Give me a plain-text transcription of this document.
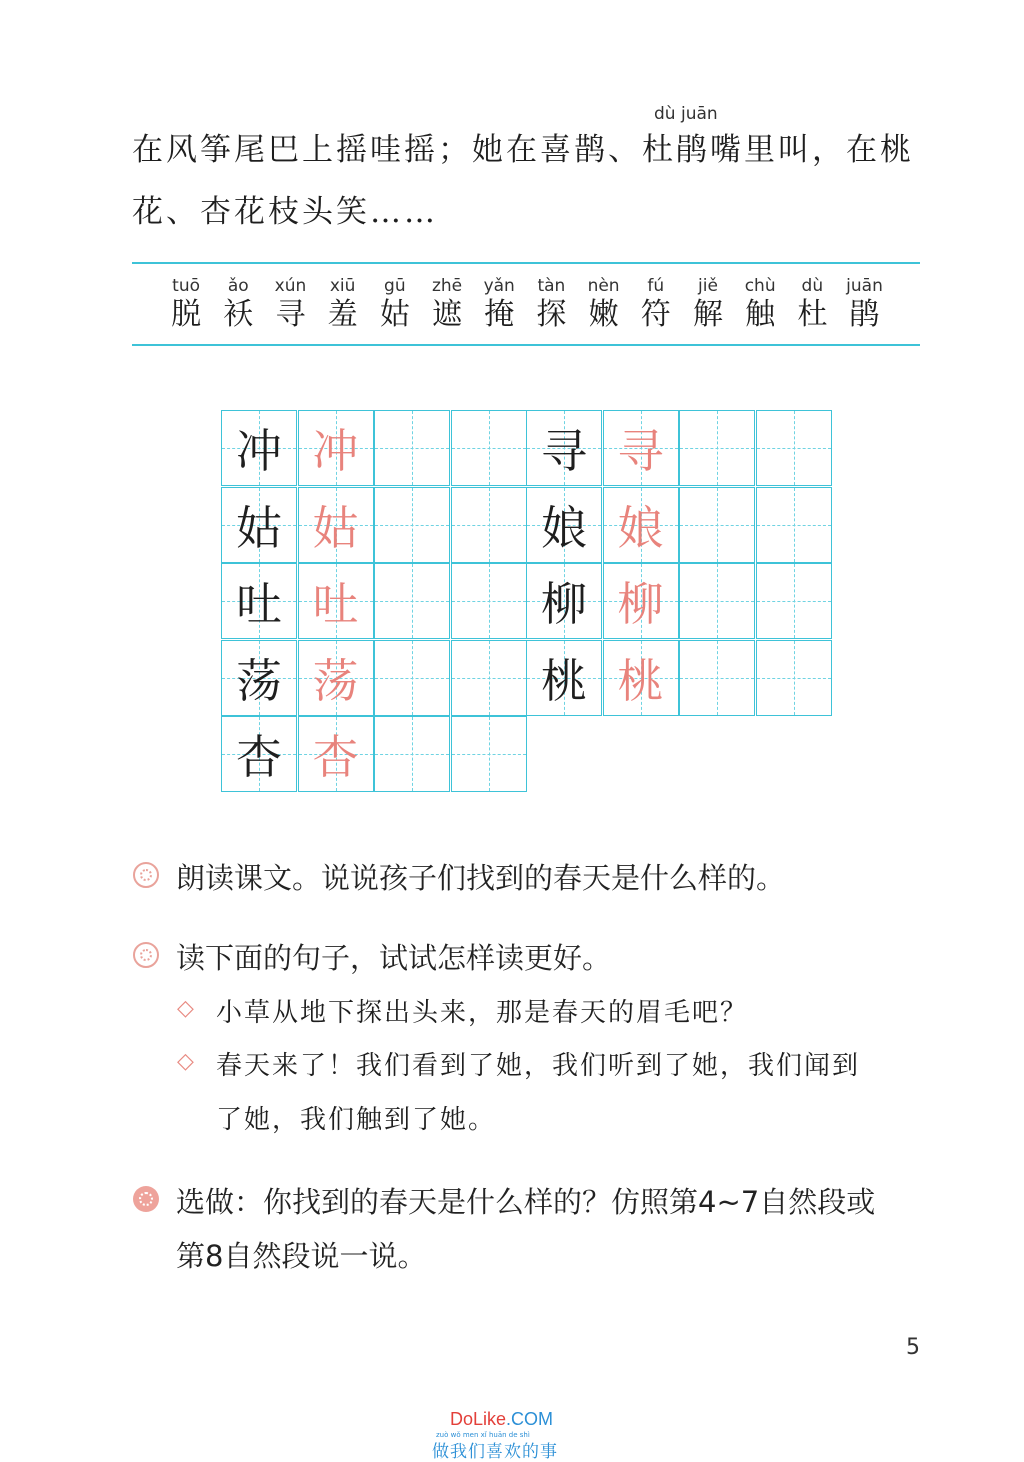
dù juān
在风筝尾巴上摇哇摇；她在喜鹊、杜鹃嘴里叫，在桃
花、杏花枝头笑……
tuō
脱
ǎo
袄
xún
寻
xiū
羞
gū
姑
zhē
遮
yǎn
掩
tàn
探
nèn
嫩
fú
符
jiě
解
chù
触
dù
杜
juān
鹃
冲 冲
姑 姑
吐 吐
荡 荡
杏 杏
寻 寻
娘 娘
柳 柳
桃 桃
朗读课文。说说孩子们找到的春天是什么样的。
读下面的句子，试试怎样读更好。
◇ 小草从地下探出头来，那是春天的眉毛吧？
◇ 春天来了！我们看到了她，我们听到了她，我们闻到
了她，我们触到了她。
选做：你找到的春天是什么样的？仿照第4~7自然段或
第8自然段说一说。
5
DoLike.COM
zuò wǒ men xǐ huān de shì
做我们喜欢的事
